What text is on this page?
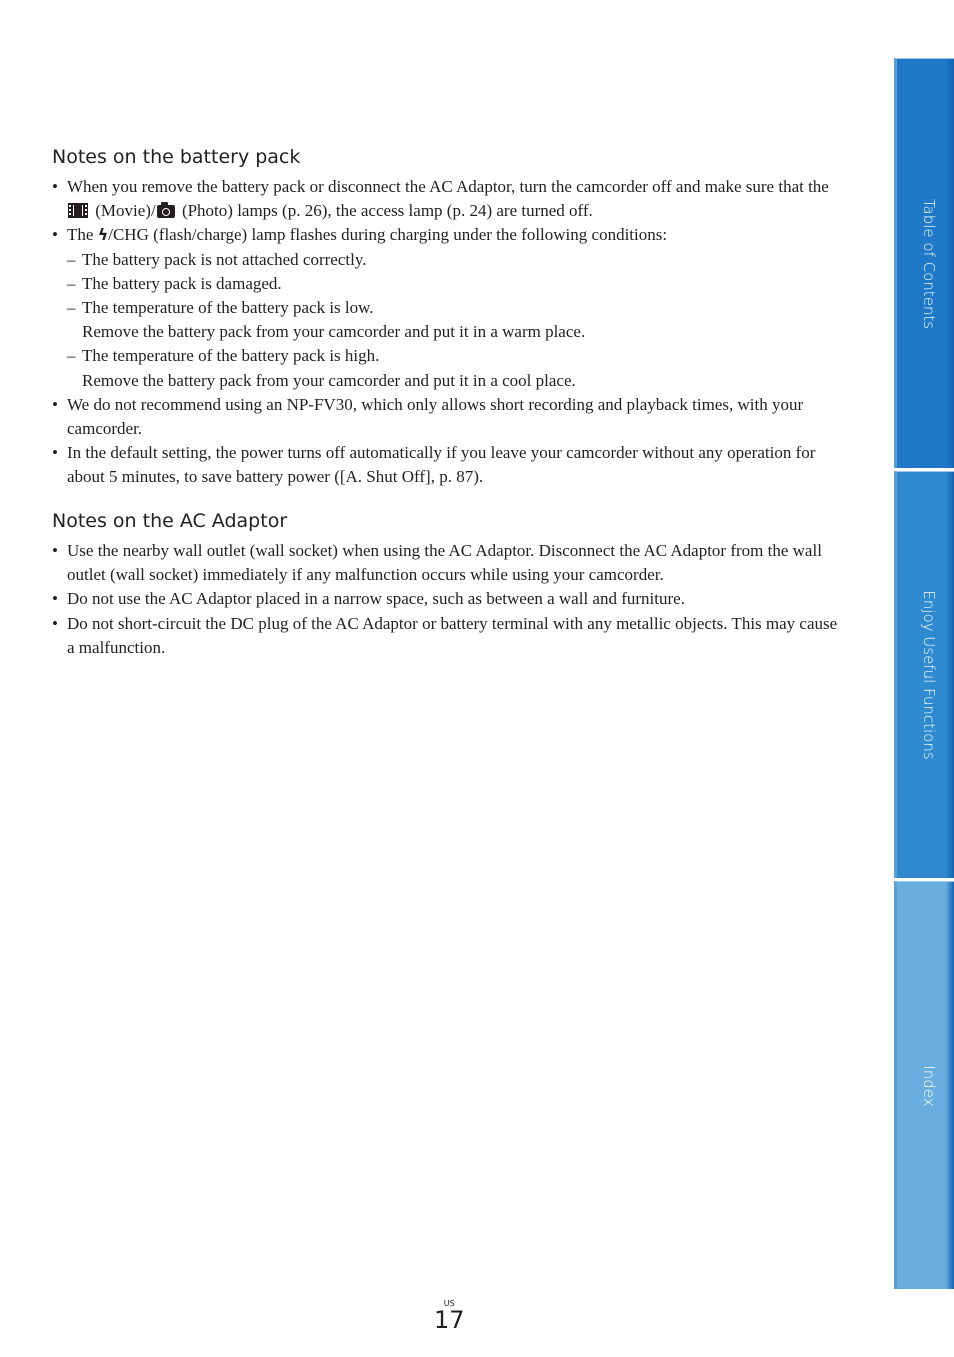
Notes on the battery pack
• When you remove the battery pack or disconnect the AC Adaptor, turn the camcorder off and make sure that the
(Movie)/ (Photo) lamps (p. 26), the access lamp (p. 24) are turned off.
• The ϟ/CHG (flash/charge) lamp flashes during charging under the following conditions:
– The battery pack is not attached correctly.
– The battery pack is damaged.
– The temperature of the battery pack is low.
Remove the battery pack from your camcorder and put it in a warm place.
– The temperature of the battery pack is high.
Remove the battery pack from your camcorder and put it in a cool place.
• We do not recommend using an NP-FV30, which only allows short recording and playback times, with your camcorder.
• In the default setting, the power turns off automatically if you leave your camcorder without any operation for about 5 minutes, to save battery power ([A. Shut Off], p. 87).
Notes on the AC Adaptor
• Use the nearby wall outlet (wall socket) when using the AC Adaptor. Disconnect the AC Adaptor from the wall outlet (wall socket) immediately if any malfunction occurs while using your camcorder.
• Do not use the AC Adaptor placed in a narrow space, such as between a wall and furniture.
• Do not short-circuit the DC plug of the AC Adaptor or battery terminal with any metallic objects. This may cause a malfunction.
Table of Contents
Enjoy Useful Functions
Index
US
17
